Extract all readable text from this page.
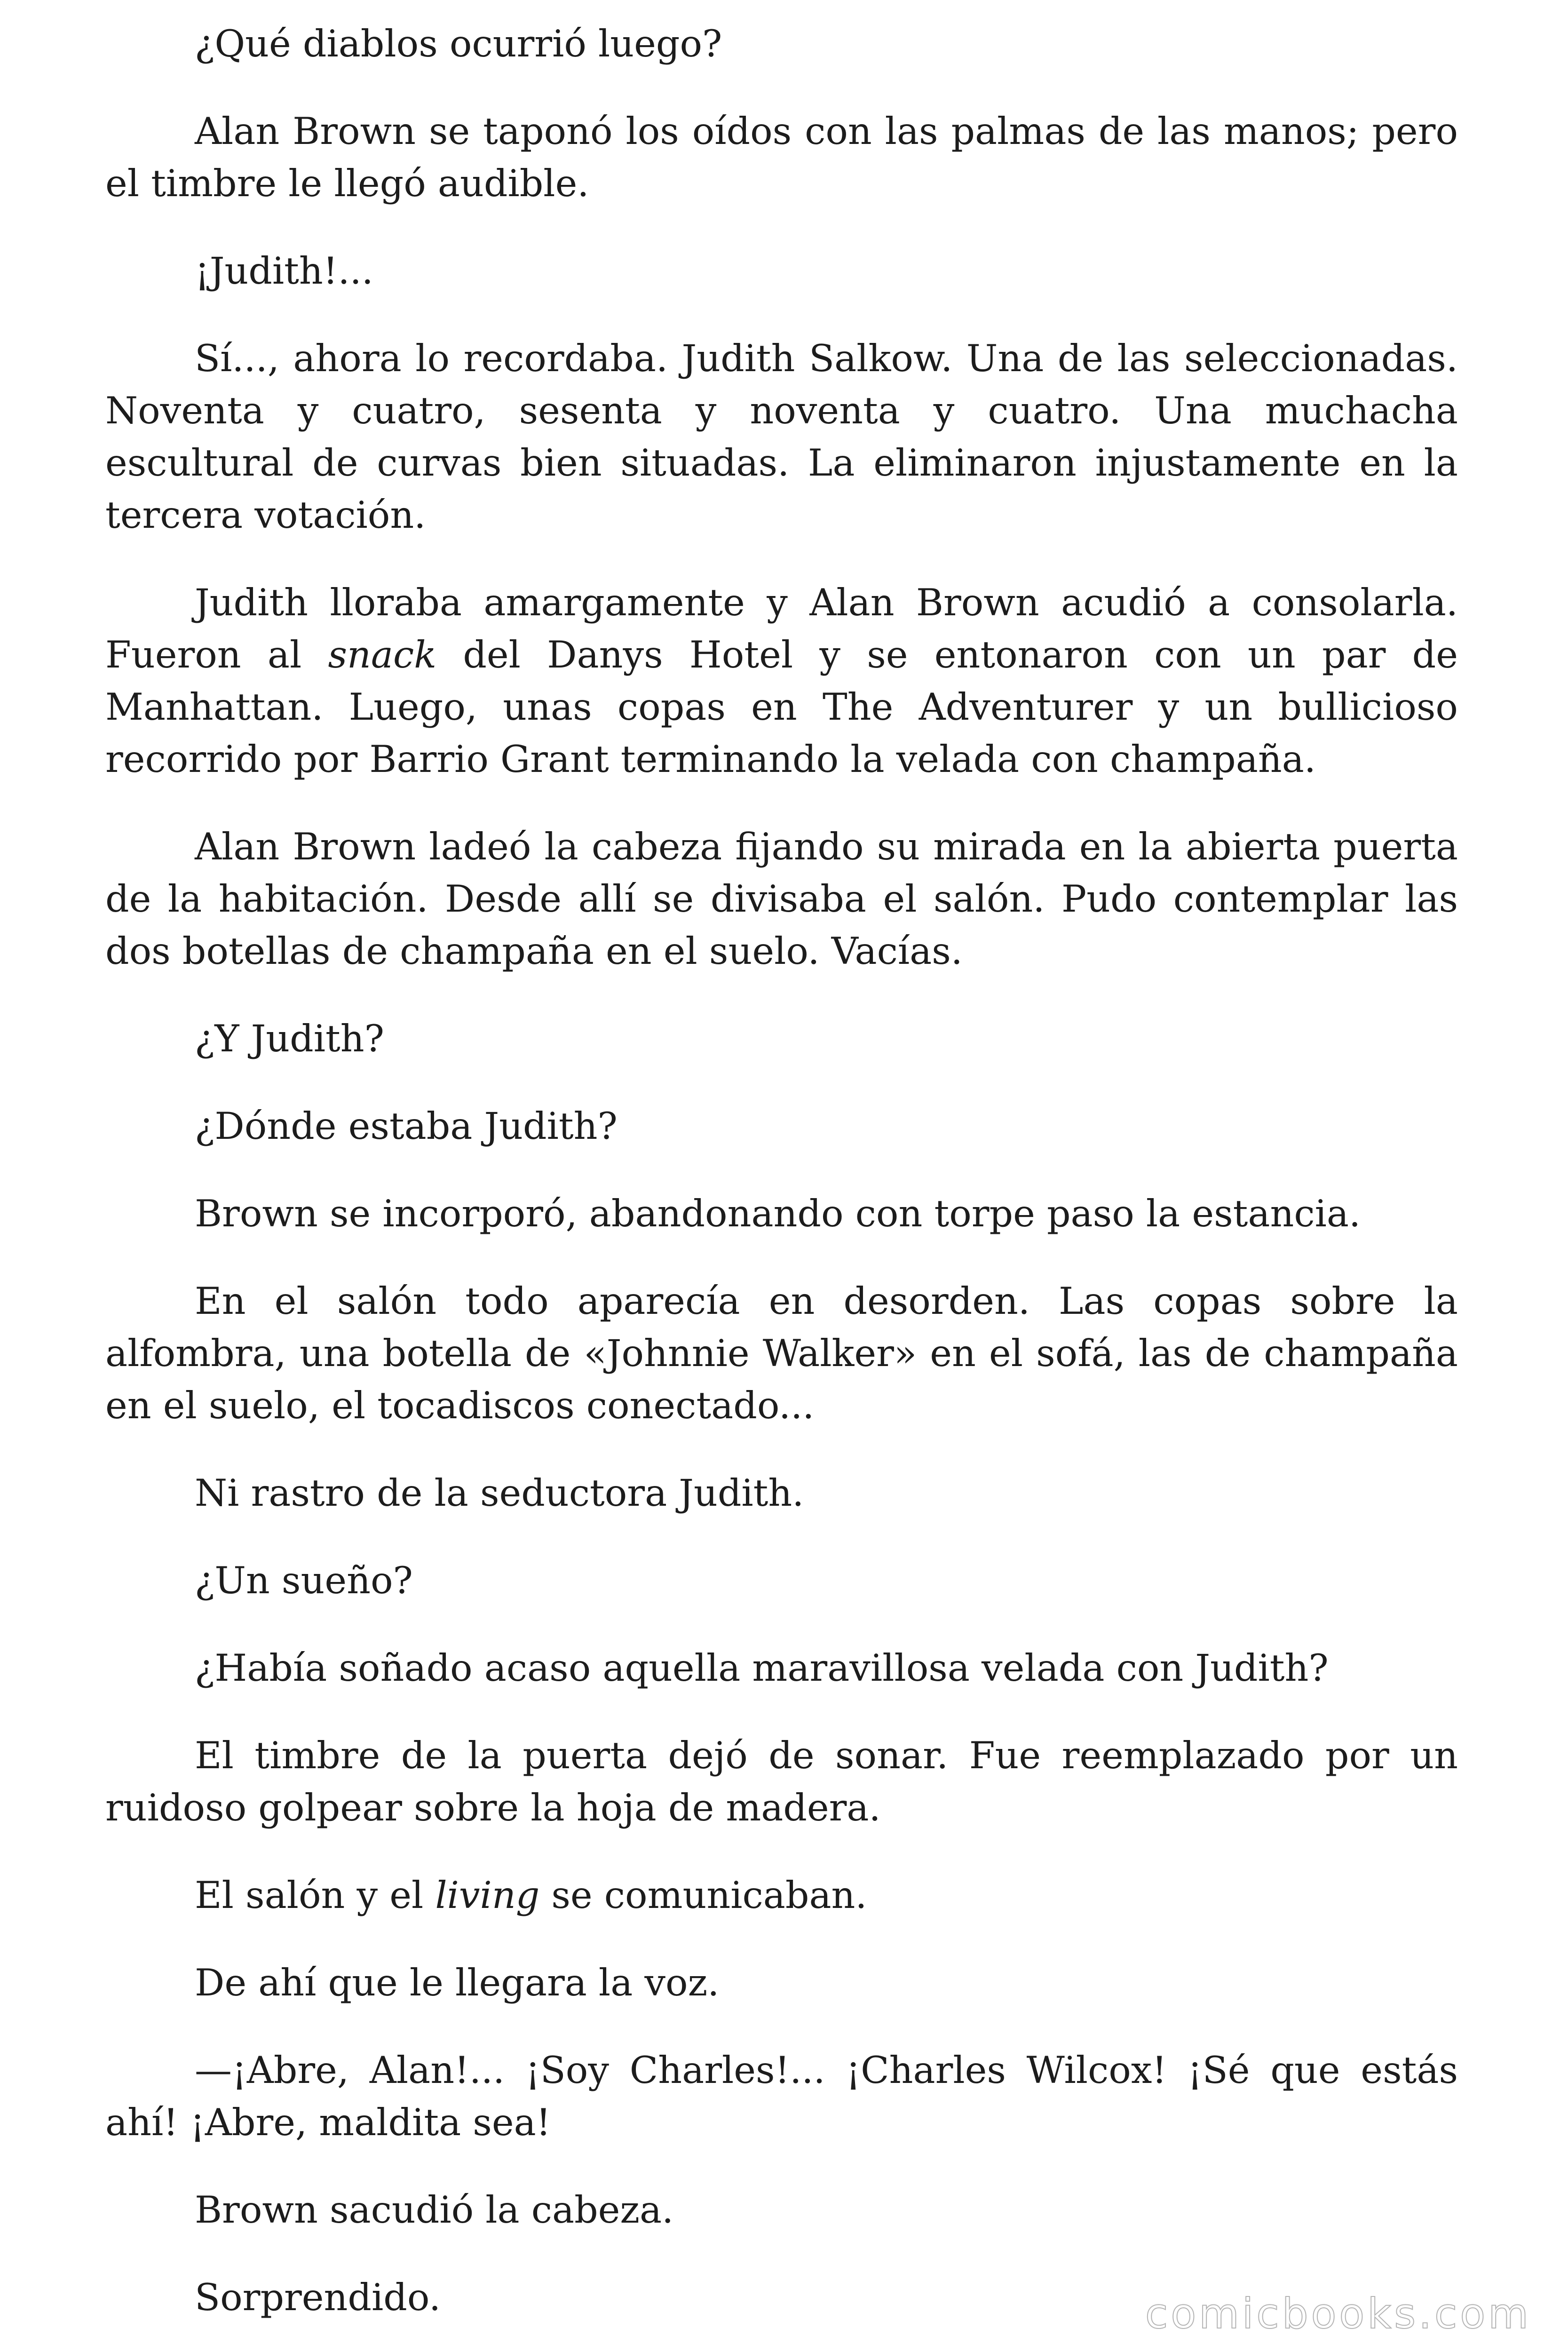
¿Qué diablos ocurrió luego?

Alan Brown se taponó los oídos con las palmas de las manos; pero el timbre le llegó audible.

¡Judith!...

Sí..., ahora lo recordaba. Judith Salkow. Una de las seleccionadas. Noventa y cuatro, sesenta y noventa y cuatro. Una muchacha escultural de curvas bien situadas. La eliminaron injustamente en la tercera votación.

Judith lloraba amargamente y Alan Brown acudió a consolarla. Fueron al snack del Danys Hotel y se entonaron con un par de Manhattan. Luego, unas copas en The Adventurer y un bullicioso recorrido por Barrio Grant terminando la velada con champaña.

Alan Brown ladeó la cabeza fijando su mirada en la abierta puerta de la habitación. Desde allí se divisaba el salón. Pudo contemplar las dos botellas de champaña en el suelo. Vacías.

¿Y Judith?

¿Dónde estaba Judith?

Brown se incorporó, abandonando con torpe paso la estancia.

En el salón todo aparecía en desorden. Las copas sobre la alfombra, una botella de «Johnnie Walker» en el sofá, las de champaña en el suelo, el tocadiscos conectado...

Ni rastro de la seductora Judith.

¿Un sueño?

¿Había soñado acaso aquella maravillosa velada con Judith?

El timbre de la puerta dejó de sonar. Fue reemplazado por un ruidoso golpear sobre la hoja de madera.

El salón y el living se comunicaban.

De ahí que le llegara la voz.

—¡Abre, Alan!... ¡Soy Charles!... ¡Charles Wilcox! ¡Sé que estás ahí! ¡Abre, maldita sea!

Brown sacudió la cabeza.

Sorprendido.	comicbooks.com
